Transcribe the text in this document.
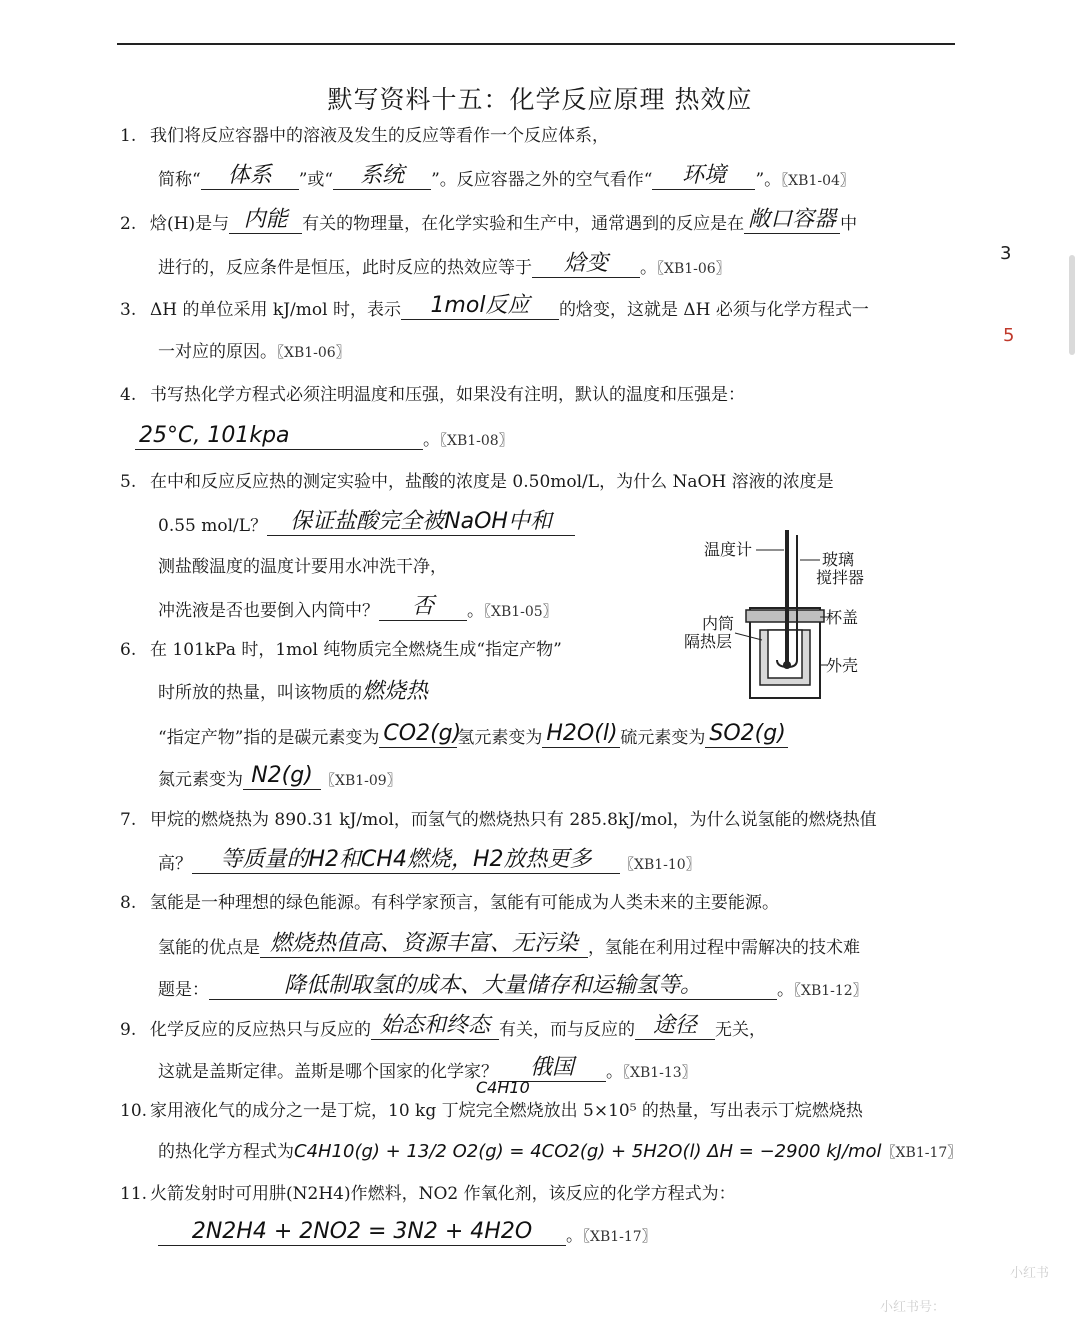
默写资料十五：化学反应原理 热效应
1. 我们将反应容器中的溶液及发生的反应等看作一个反应体系，
简称“ 体系 ”或“ 系统 ”。反应容器之外的空气看作“ 环境 ”。〖XB1-04〗
2. 焓(H)是与 内能 有关的物理量，在化学实验和生产中，通常遇到的反应是在 敞口容器 中
进行的，反应条件是恒压，此时反应的热效应等于 焓变 。〖XB1-06〗
3. ΔH 的单位采用 kJ/mol 时，表示 1mol反应 的焓变，这就是 ΔH 必须与化学方程式一
一对应的原因。〖XB1-06〗
4. 书写热化学方程式必须注明温度和压强，如果没有注明，默认的温度和压强是：
25°C, 101kpa	。〖XB1-08〗
5. 在中和反应反应热的测定实验中，盐酸的浓度是 0.50mol/L，为什么 NaOH 溶液的浓度是
0.55 mol/L？ 保证盐酸完全被NaOH中和
测盐酸温度的温度计要用水冲洗干净，
冲洗液是否也要倒入内筒中？ 否 。〖XB1-05〗
温度计
玻璃
搅拌器
杯盖
内筒
隔热层
外壳
6. 在 101kPa 时，1mol 纯物质完全燃烧生成“指定产物”
时所放的热量，叫该物质的燃烧热
“指定产物”指的是碳元素变为 CO2(g)氢元素变为 H2O(l) 硫元素变为 SO2(g)
氮元素变为 N2(g) 〖XB1-09〗
7. 甲烷的燃烧热为 890.31 kJ/mol，而氢气的燃烧热只有 285.8kJ/mol，为什么说氢能的燃烧热值
高？ 等质量的H2和CH4燃烧，H2放热更多 〖XB1-10〗
8. 氢能是一种理想的绿色能源。有科学家预言，氢能有可能成为人类未来的主要能源。
氢能的优点是 燃烧热值高、资源丰富、无污染 ，氢能在利用过程中需解决的技术难
题是：	降低制取氢的成本、大量储存和运输氢等。	。〖XB1-12〗
9. 化学反应的反应热只与反应的 始态和终态 有关，而与反应的 途径 无关，
这就是盖斯定律。盖斯是哪个国家的化学家？ 俄国 。〖XB1-13〗
C4H10
10. 家用液化气的成分之一是丁烷，10 kg 丁烷完全燃烧放出 5×10⁵ 的热量，写出表示丁烷燃烧热
的热化学方程式为C4H10(g) + 13/2 O2(g) = 4CO2(g) + 5H2O(l) ΔH = −2900 kJ/mol〖XB1-17〗
11. 火箭发射时可用肼(N2H4)作燃料，NO2 作氧化剂，该反应的化学方程式为：
2N2H4 + 2NO2 = 3N2 + 4H2O 。〖XB1-17〗
3
5
小红书
小红书号：
